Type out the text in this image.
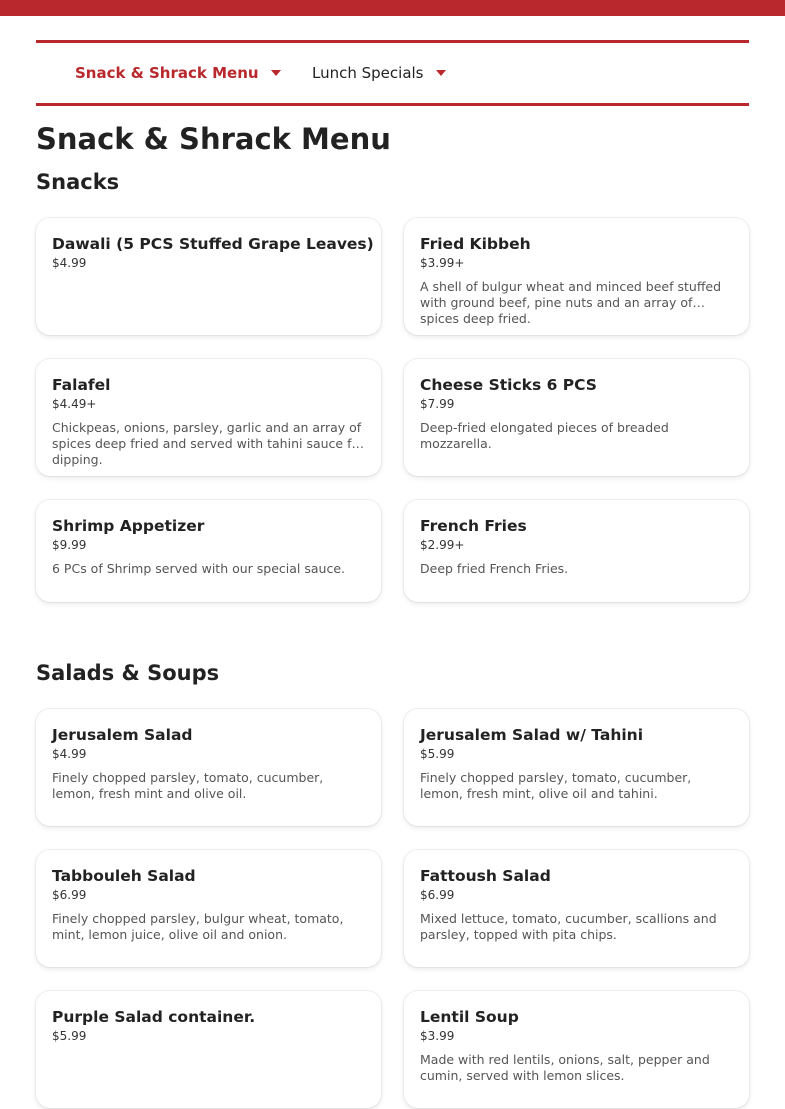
Snack & Shrack Menu	Lunch Specials
Snack & Shrack Menu
Snacks
Dawali (5 PCS Stuffed Grape Leaves)
$4.99
Fried Kibbeh
$3.99+
A shell of bulgur wheat and minced beef stuffed with ground beef, pine nuts and an array of spices deep fried.
Falafel
$4.49+
Chickpeas, onions, parsley, garlic and an array of spices deep fried and served with tahini sauce for dipping.
Cheese Sticks 6 PCS
$7.99
Deep-fried elongated pieces of breaded mozzarella.
Shrimp Appetizer
$9.99
6 PCs of Shrimp served with our special sauce.
French Fries
$2.99+
Deep fried French Fries.
Salads & Soups
Jerusalem Salad
$4.99
Finely chopped parsley, tomato, cucumber, lemon, fresh mint and olive oil.
Jerusalem Salad w/ Tahini
$5.99
Finely chopped parsley, tomato, cucumber, lemon, fresh mint, olive oil and tahini.
Tabbouleh Salad
$6.99
Finely chopped parsley, bulgur wheat, tomato, mint, lemon juice, olive oil and onion.
Fattoush Salad
$6.99
Mixed lettuce, tomato, cucumber, scallions and parsley, topped with pita chips.
Purple Salad container.
$5.99
Lentil Soup
$3.99
Made with red lentils, onions, salt, pepper and cumin, served with lemon slices.
